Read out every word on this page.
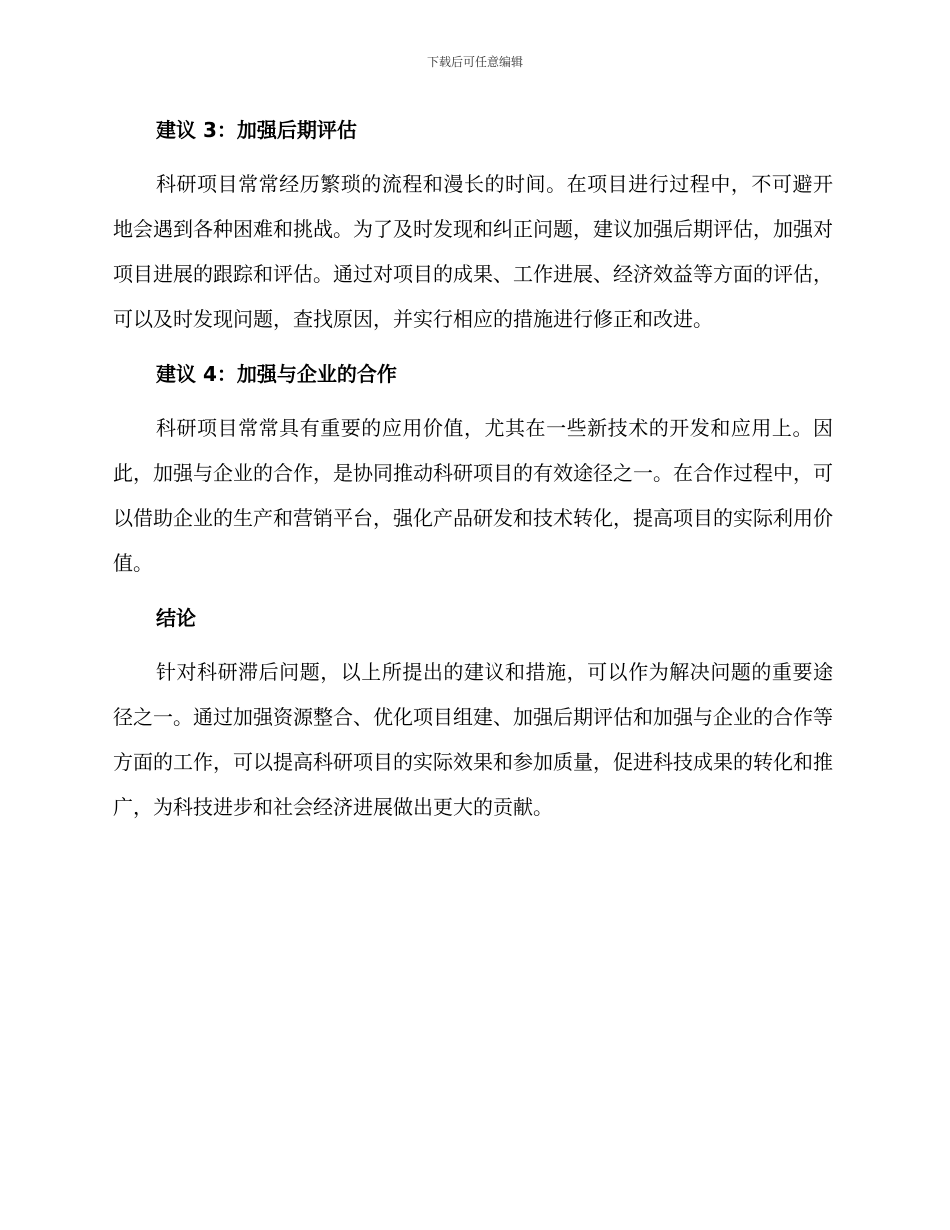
下载后可任意编辑
建议 3：加强后期评估

科研项目常常经历繁琐的流程和漫长的时间。在项目进行过程中，不可避开地会遇到各种困难和挑战。为了及时发现和纠正问题，建议加强后期评估，加强对项目进展的跟踪和评估。通过对项目的成果、工作进展、经济效益等方面的评估，可以及时发现问题，查找原因，并实行相应的措施进行修正和改进。

建议 4：加强与企业的合作

科研项目常常具有重要的应用价值，尤其在一些新技术的开发和应用上。因此，加强与企业的合作，是协同推动科研项目的有效途径之一。在合作过程中，可以借助企业的生产和营销平台，强化产品研发和技术转化，提高项目的实际利用价值。

结论

针对科研滞后问题，以上所提出的建议和措施，可以作为解决问题的重要途径之一。通过加强资源整合、优化项目组建、加强后期评估和加强与企业的合作等方面的工作，可以提高科研项目的实际效果和参加质量，促进科技成果的转化和推广，为科技进步和社会经济进展做出更大的贡献。
